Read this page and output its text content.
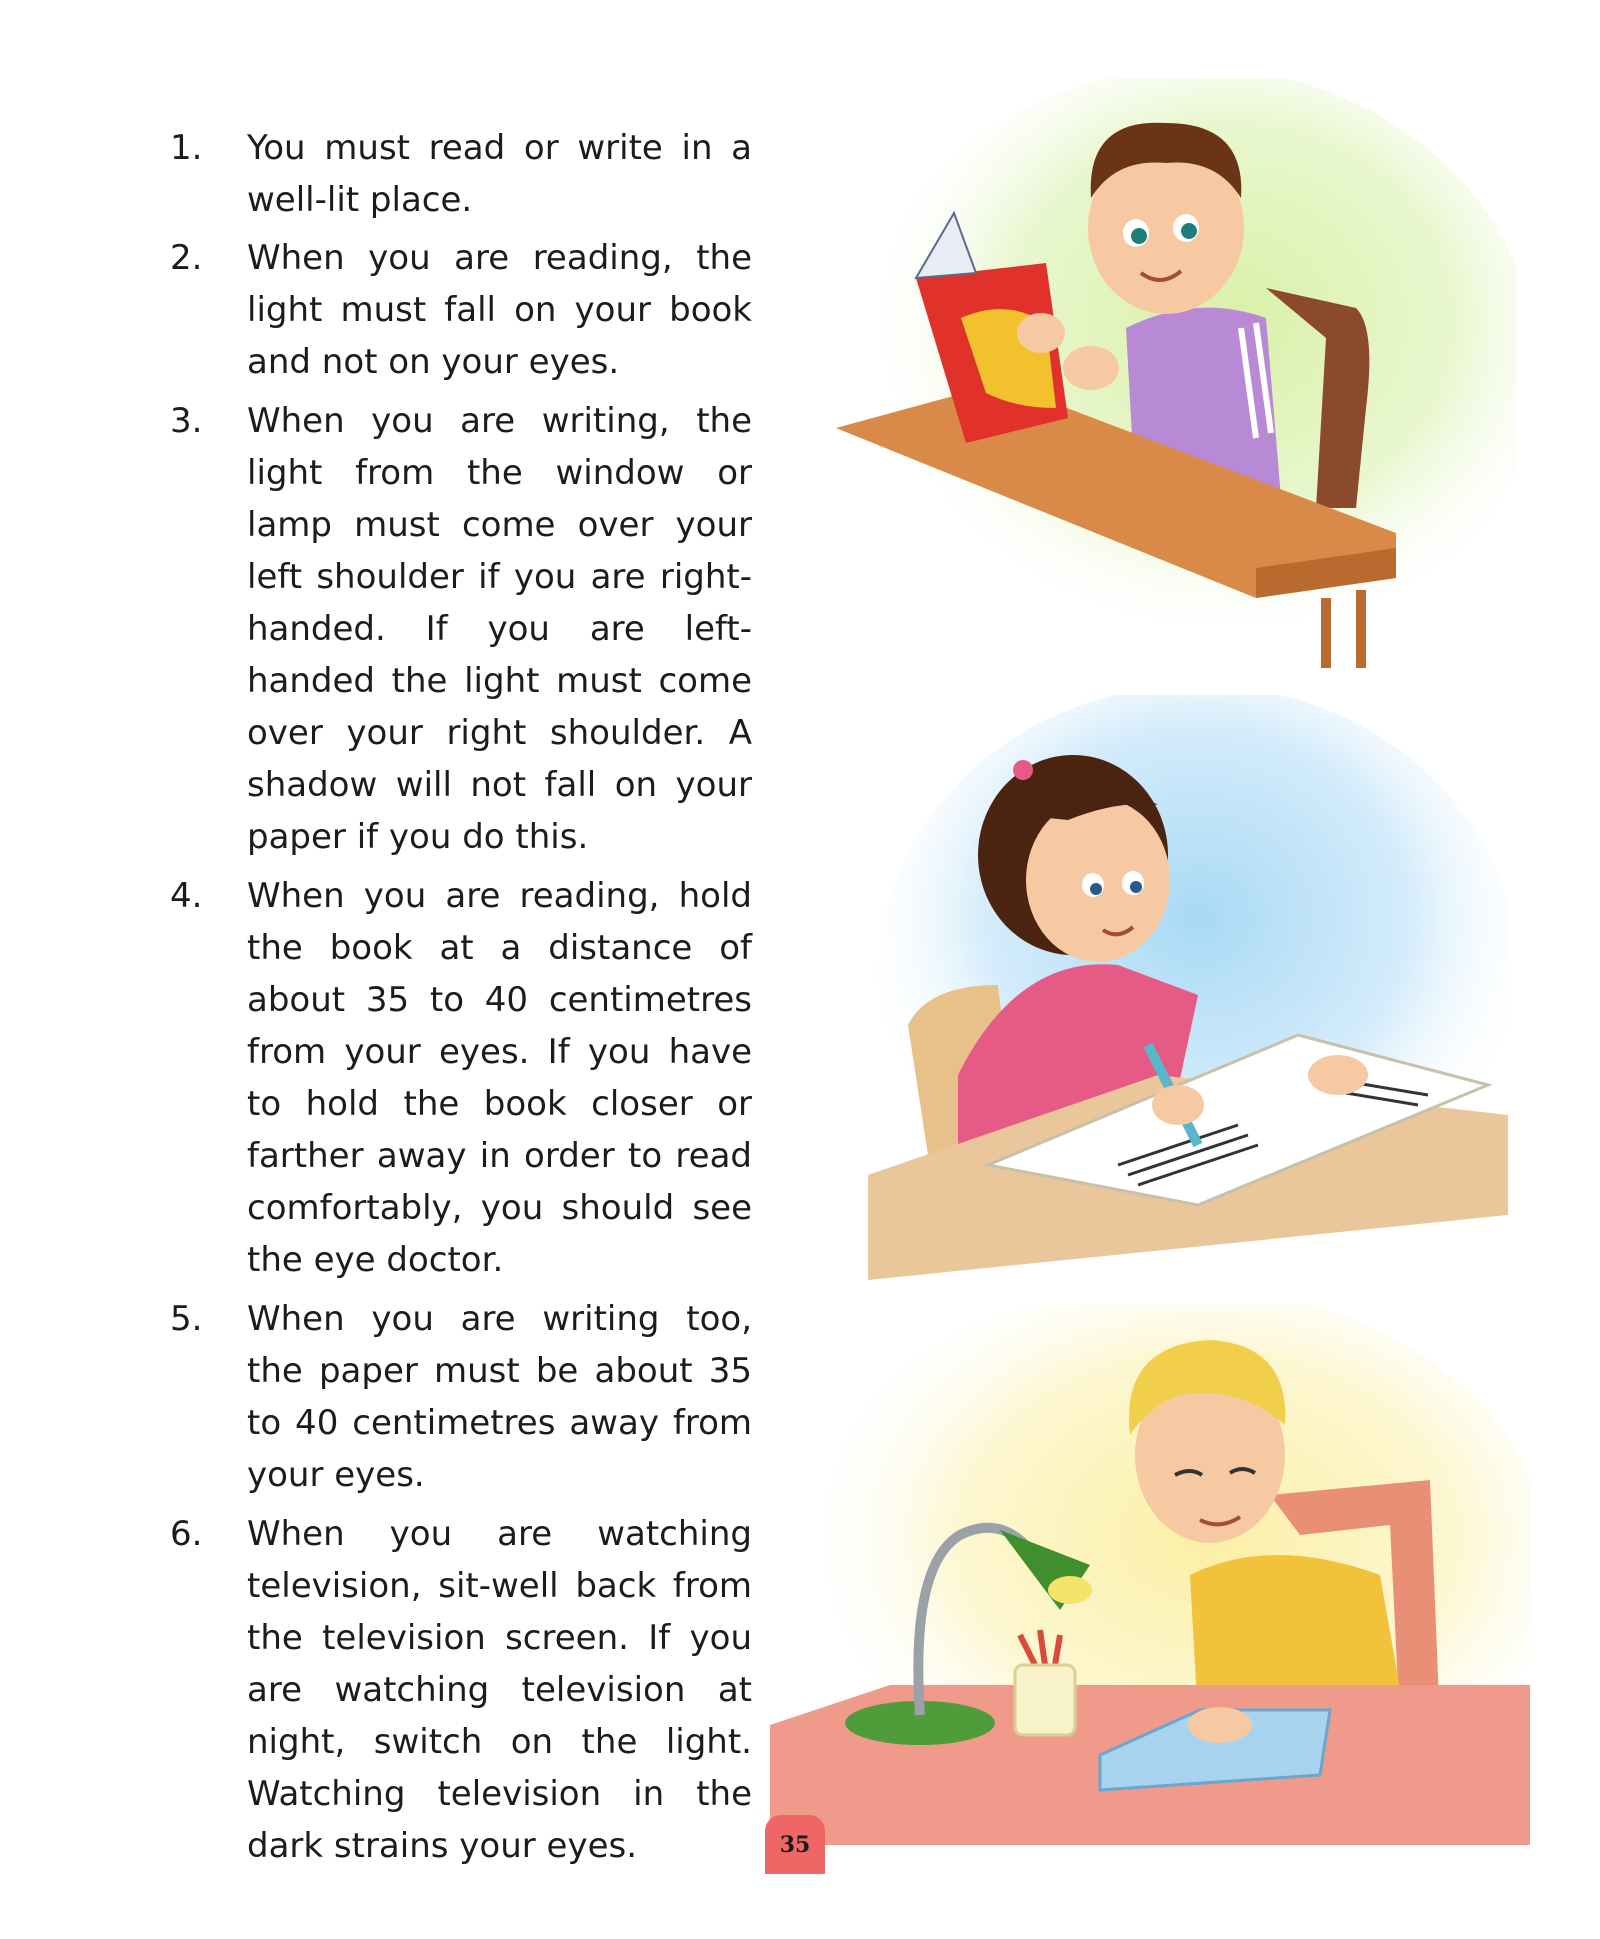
1. You must read or write in a well-lit place.
2. When you are reading, the light must fall on your book and not on your eyes.
3. When you are writing, the light from the window or lamp must come over your left shoulder if you are right-handed. If you are left-handed the light must come over your right shoulder. A shadow will not fall on your paper if you do this.
4. When you are reading, hold the book at a distance of about 35 to 40 centimetres from your eyes. If you have to hold the book closer or farther away in order to read comfortably, you should see the eye doctor.
5. When you are writing too, the paper must be about 35 to 40 centimetres away from your eyes.
6. When you are watching television, sit-well back from the television screen. If you are watching television at night, switch on the light. Watching television in the dark strains your eyes.	35
